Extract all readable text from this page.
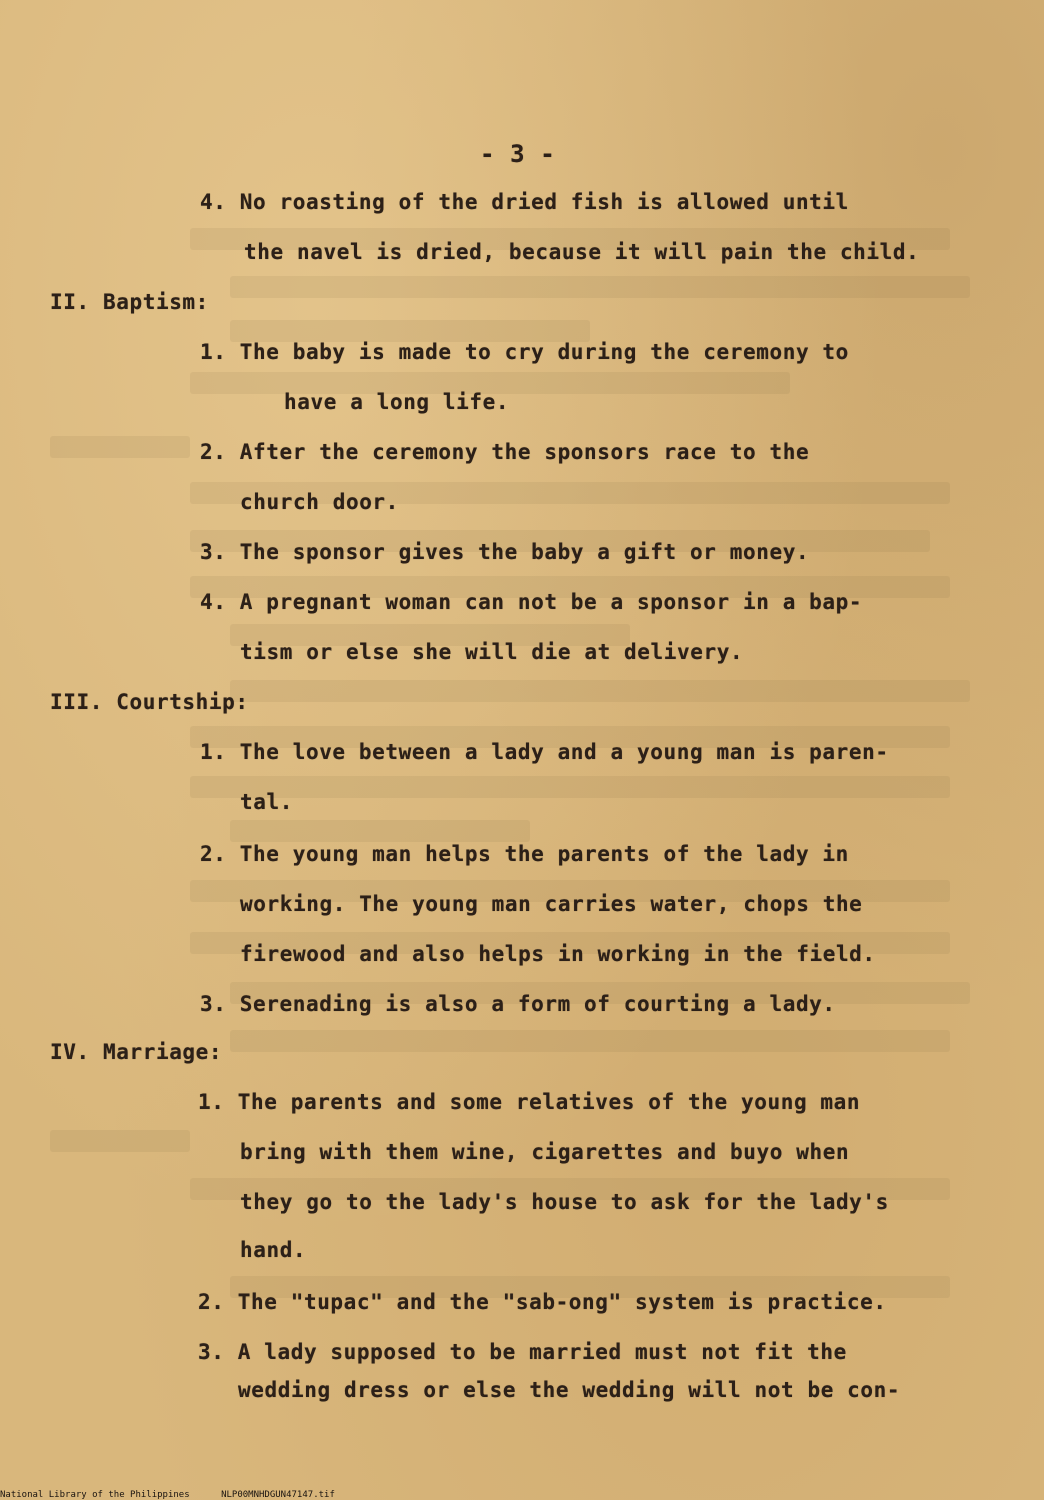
- 3 -
4. No roasting of the dried fish is allowed until
the navel is dried, because it will pain the child.
II. Baptism:
1. The baby is made to cry during the ceremony to
have a long life.
2. After the ceremony the sponsors race to the
church door.
3. The sponsor gives the baby a gift or money.
4. A pregnant woman can not be a sponsor in a bap-
tism or else she will die at delivery.
III. Courtship:
1. The love between a lady and a young man is paren-
tal.
2. The young man helps the parents of the lady in
working. The young man carries water, chops the
firewood and also helps in working in the field.
3. Serenading is also a form of courting a lady.
IV. Marriage:
1. The parents and some relatives of the young man
bring with them wine, cigarettes and buyo when
they go to the lady's house to ask for the lady's
hand.
2. The "tupac" and the "sab-ong" system is practice.
3. A lady supposed to be married must not fit the
wedding dress or else the wedding will not be con-
National Library of the Philippines	NLP00MNHDGUN47147.tif
